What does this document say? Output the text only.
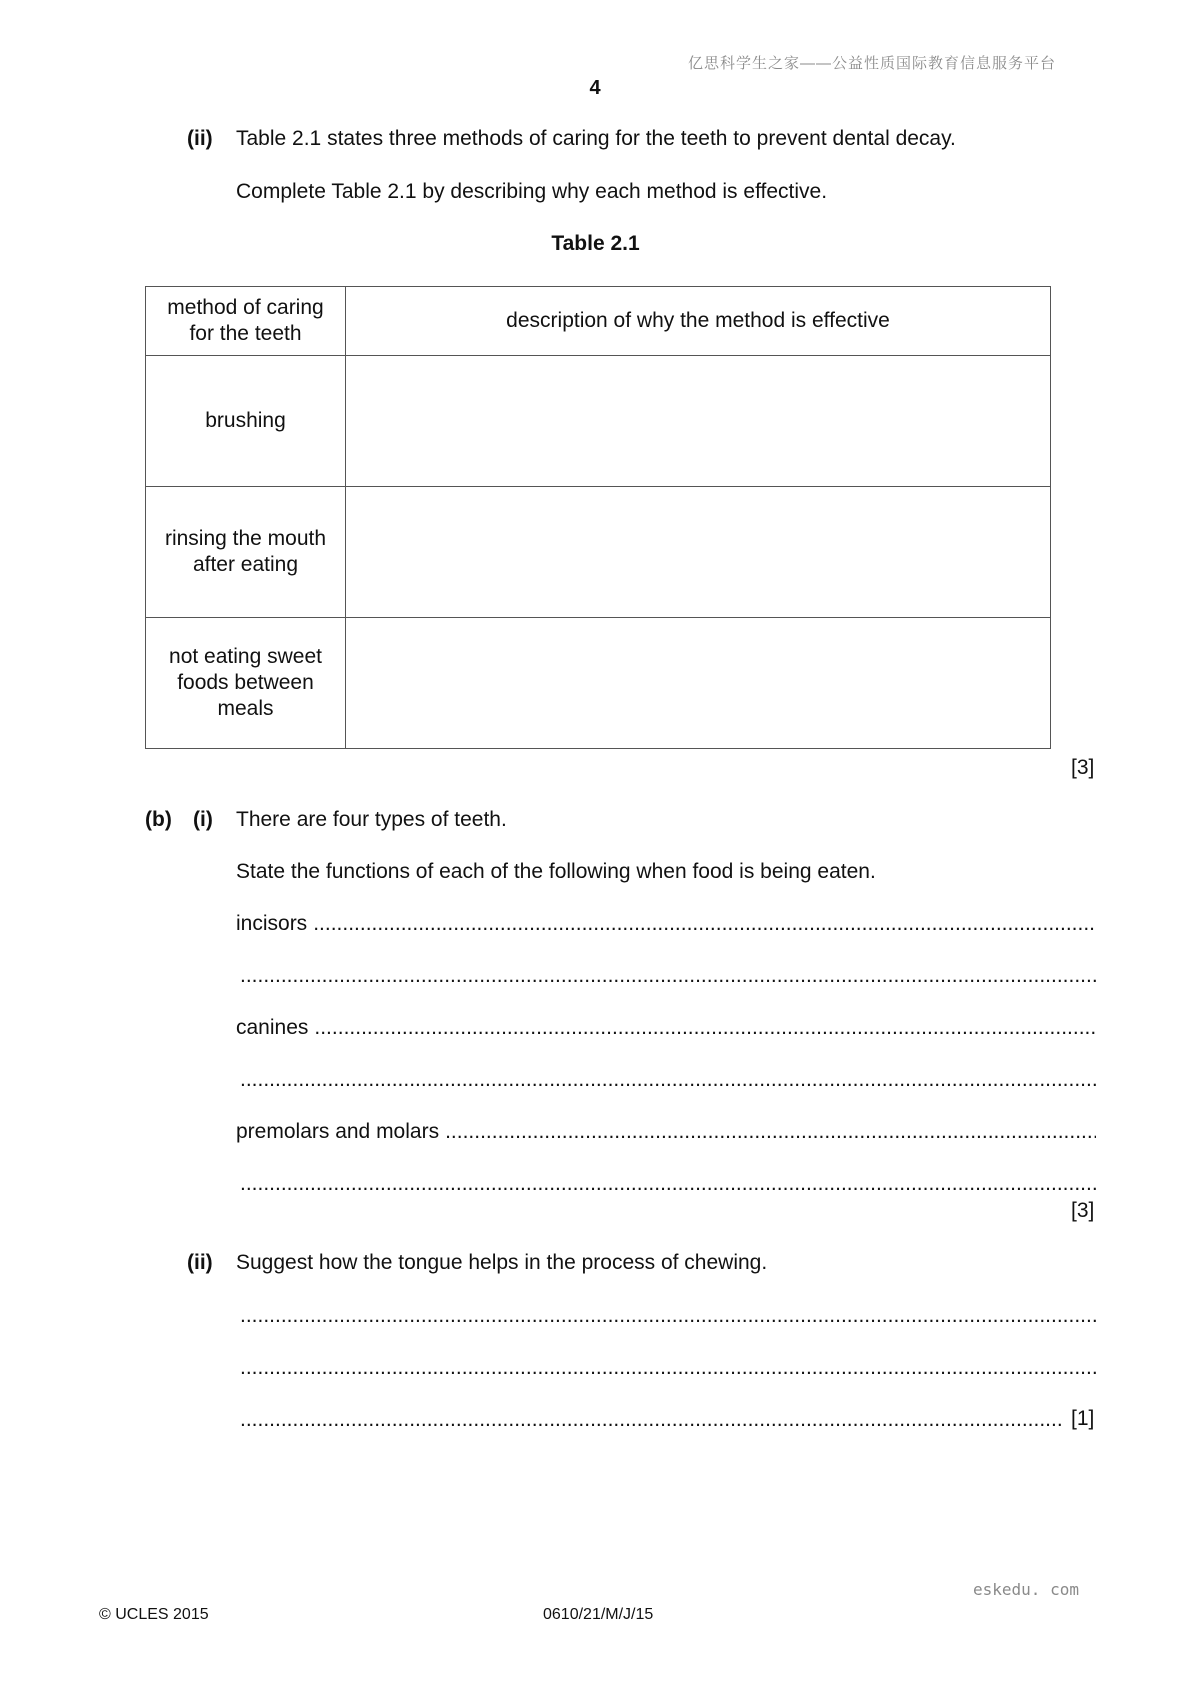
亿思科学生之家——公益性质国际教育信息服务平台
4
(ii) Table 2.1 states three methods of caring for the teeth to prevent dental decay.
Complete Table 2.1 by describing why each method is effective.
Table 2.1
method of caring for the teeth	description of why the method is effective
brushing	
rinsing the mouth after eating	
not eating sweet foods between meals	
[3]
(b) (i) There are four types of teeth.
State the functions of each of the following when food is being eaten.
incisors
.....
.....
canines
.....
.....
premolars and molars
.....
.....
[3]
(ii) Suggest how the tongue helps in the process of chewing.
.....
.....
.....
[1]
eskedu. com
© UCLES 2015	0610/21/M/J/15
